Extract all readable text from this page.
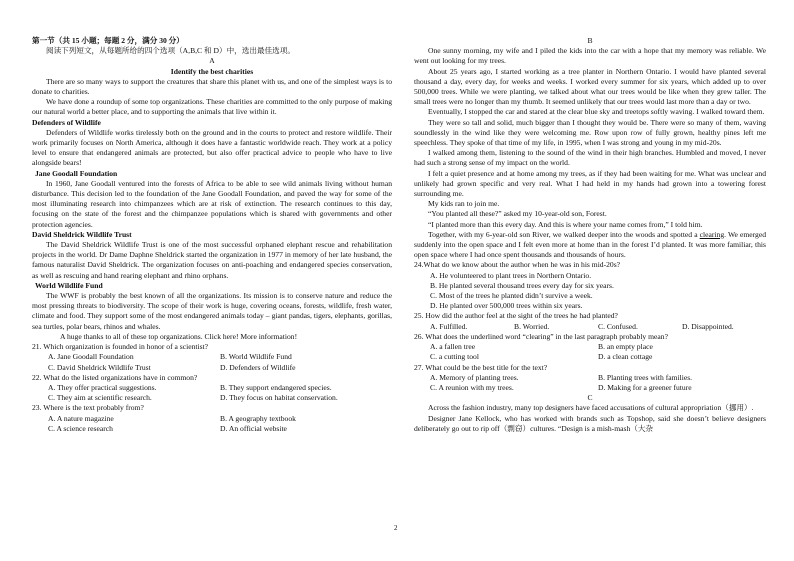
第一节（共 15 小题；每题 2 分，满分 30 分）

阅读下列短文，从每题所给的四个选项（A,B,C 和 D）中，选出最佳选项。

A

Identify the best charities

There are so many ways to support the creatures that share this planet with us, and one of the simplest ways is to donate to charities.

We have done a roundup of some top organizations. These charities are committed to the only purpose of making our natural world a better place, and to supporting the animals that live within it.

Defenders of Wildlife

Defenders of Wildlife works tirelessly both on the ground and in the courts to protect and restore wildlife. Their work primarily focuses on North America, although it does have a fantastic worldwide reach. They work at a policy level to ensure that endangered animals are protected, but also offer practical advice to people who have to live alongside bears!

Jane Goodall Foundation

In 1960, Jane Goodall ventured into the forests of Africa to be able to see wild animals living without human disturbance. This decision led to the foundation of the Jane Goodall Foundation, and paved the way for some of the most illuminating research into chimpanzees which are at risk of extinction. The research continues to this day, focusing on the state of the forest and the chimpanzee populations which is shared with governments and other protection agencies.

David Sheldrick Wildlife Trust

The David Sheldrick Wildlife Trust is one of the most successful orphaned elephant rescue and rehabilitation projects in the world. Dr Dame Daphne Sheldrick started the organization in 1977 in memory of her late husband, the famous naturalist David Sheldrick. The organization focuses on anti-poaching and endangered species conservation, as well as rescuing and hand rearing elephant and rhino orphans.

World Wildlife Fund

The WWF is probably the best known of all the organizations. Its mission is to conserve nature and reduce the most pressing threats to biodiversity. The scope of their work is huge, covering oceans, forests, wildlife, fresh water, climate and food. They support some of the most endangered animals today – giant pandas, tigers, elephants, gorillas, sea turtles, polar bears, rhinos and whales.

A huge thanks to all of these top organizations. Click here! More information!

21. Which organization is founded in honor of a scientist?

A. Jane Goodall Foundation	B. World Wildlife Fund
C. David Sheldrick Wildlife Trust	D. Defenders of Wildlife

22. What do the listed organizations have in common?

A. They offer practical suggestions.	B. They support endangered species.
C. They aim at scientific research.	D. They focus on habitat conservation.

23. Where is the text probably from?

A. A nature magazine	B. A geography textbook
C. A science research	D. An official website

B

One sunny morning, my wife and I piled the kids into the car with a hope that my memory was reliable. We went out looking for my trees.

About 25 years ago, I started working as a tree planter in Northern Ontario. I would have planted several thousand a day, every day, for weeks and weeks. I worked every summer for six years, which added up to over 500,000 trees. While we were planting, we talked about what our trees would be like when they grew taller. The small trees were no longer than my thumb. It seemed unlikely that our trees would last more than a day or two.

Eventually, I stopped the car and stared at the clear blue sky and treetops softly waving. I walked toward them.

They were so tall and solid, much bigger than I thought they would be. There were so many of them, waving soundlessly in the wind like they were welcoming me. Row upon row of fully grown, healthy pines left me speechless. They spoke of that time of my life, in 1995, when I was strong and young in my mid-20s.

I walked among them, listening to the sound of the wind in their high branches. Humbled and moved, I never had such a strong sense of my impact on the world.

I felt a quiet presence and at home among my trees, as if they had been waiting for me. What was unclear and unlikely had grown specific and very real. What I had held in my hands had grown into a towering forest surrounding me.

My kids ran to join me.

“You planted all these?” asked my 10-year-old son, Forest.

“I planted more than this every day. And this is where your name comes from,” I told him.

Together, with my 6-year-old son River, we walked deeper into the woods and spotted a clearing. We emerged suddenly into the open space and I felt even more at home than in the forest I’d planted. It was more familiar, this open space where I had once spent thousands and thousands of hours.

24.What do we know about the author when he was in his mid-20s?

A. He volunteered to plant trees in Northern Ontario.
B. He planted several thousand trees every day for six years.
C. Most of the trees he planted didn’t survive a week.
D. He planted over 500,000 trees within six years.

25. How did the author feel at the sight of the trees he had planted?

A. Fulfilled.	B. Worried.	C. Confused.	D. Disappointed.

26. What does the underlined word “clearing” in the last paragraph probably mean?

A. a fallen tree	B. an empty place
C. a cutting tool	D. a clean cottage

27. What could be the best title for the text?

A. Memory of planting trees.	B. Planting trees with families.
C. A reunion with my trees.	D. Making for a greener future

C

Across the fashion industry, many top designers have faced accusations of cultural appropriation（挪用）.

Designer Jane Kellock, who has worked with brands such as Topshop, said she doesn’t believe designers deliberately go out to rip off（剽窃）cultures. “Design is a mish-mash（大杂

2
